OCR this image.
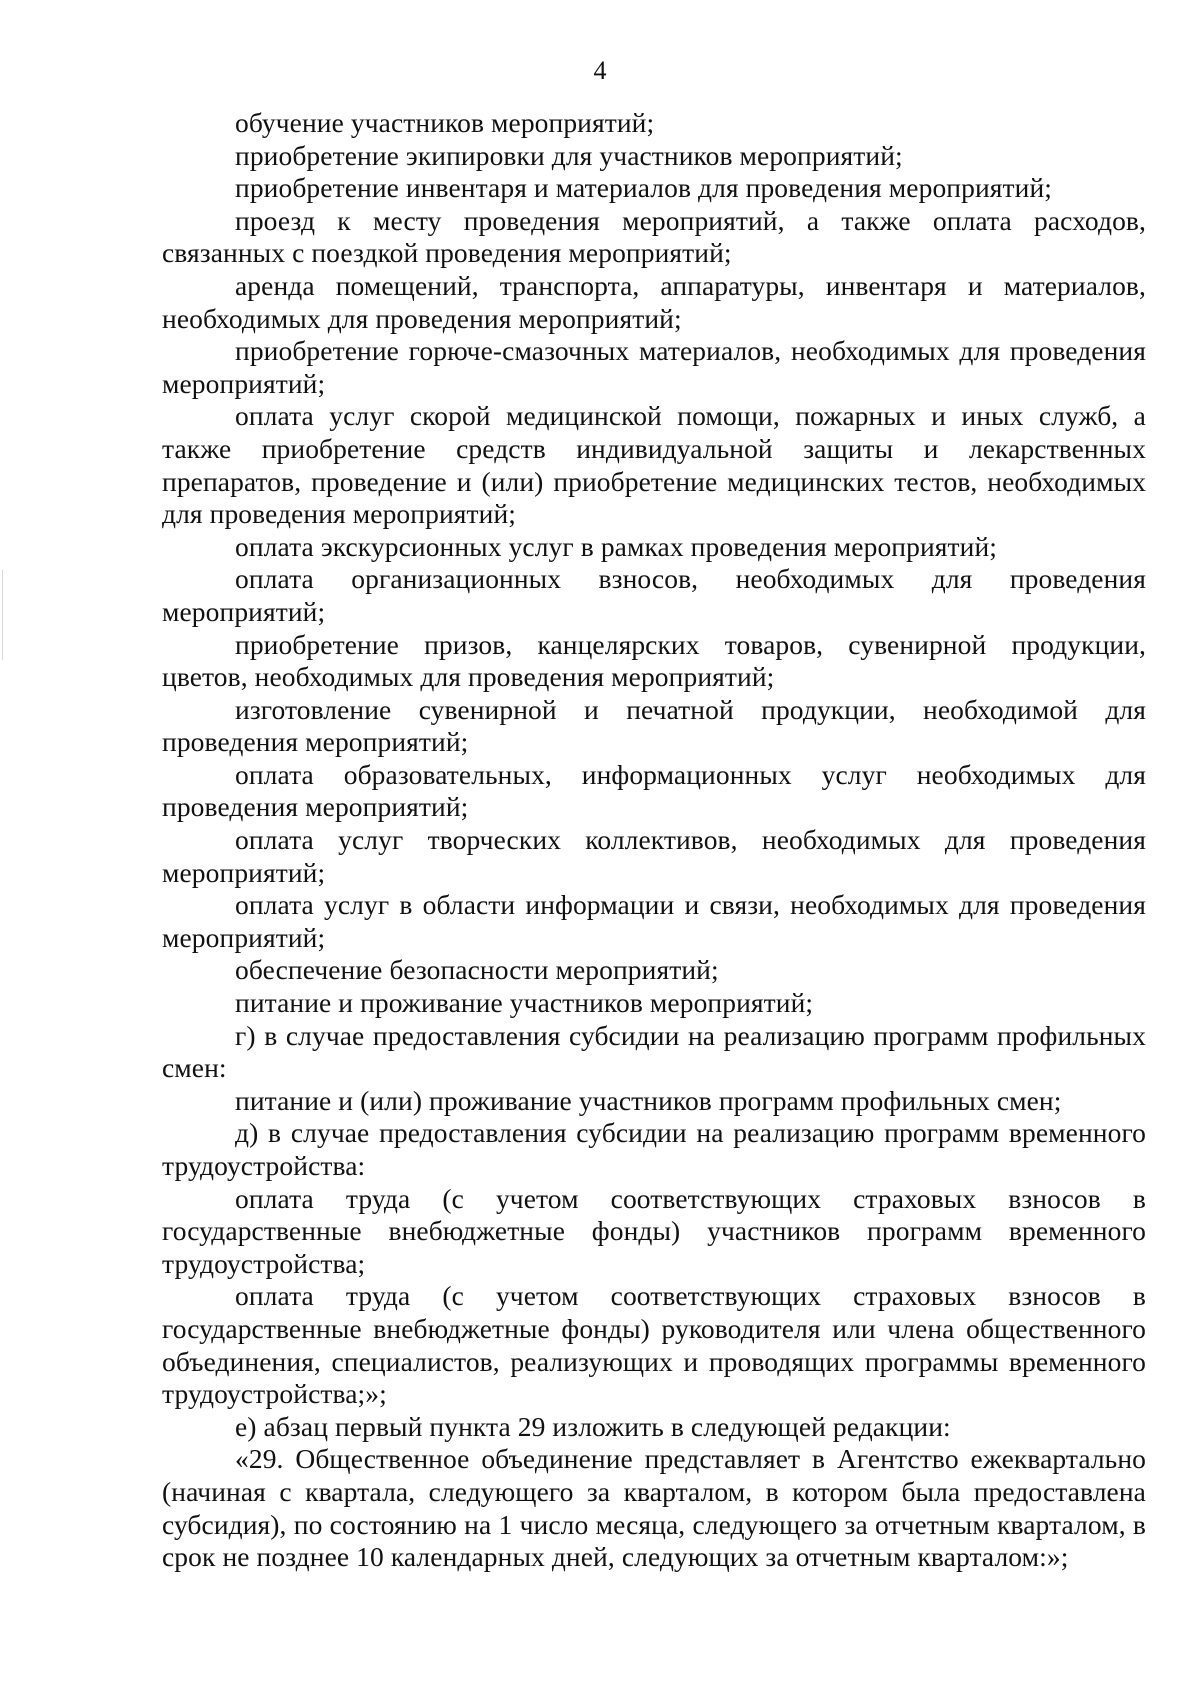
4

обучение участников мероприятий;

приобретение экипировки для участников мероприятий;

приобретение инвентаря и материалов для проведения мероприятий;

проезд к месту проведения мероприятий, а также оплата расходов, связанных с поездкой проведения мероприятий;

аренда помещений, транспорта, аппаратуры, инвентаря и материалов, необходимых для проведения мероприятий;

приобретение горюче-смазочных материалов, необходимых для проведения мероприятий;

оплата услуг скорой медицинской помощи, пожарных и иных служб, а также приобретение средств индивидуальной защиты и лекарственных препаратов, проведение и (или) приобретение медицинских тестов, необходимых для проведения мероприятий;

оплата экскурсионных услуг в рамках проведения мероприятий;

оплата организационных взносов, необходимых для проведения мероприятий;

приобретение призов, канцелярских товаров, сувенирной продукции, цветов, необходимых для проведения мероприятий;

изготовление сувенирной и печатной продукции, необходимой для проведения мероприятий;

оплата образовательных, информационных услуг необходимых для проведения мероприятий;

оплата услуг творческих коллективов, необходимых для проведения мероприятий;

оплата услуг в области информации и связи, необходимых для проведения мероприятий;

обеспечение безопасности мероприятий;

питание и проживание участников мероприятий;

г) в случае предоставления субсидии на реализацию программ профильных смен:

питание и (или) проживание участников программ профильных смен;

д) в случае предоставления субсидии на реализацию программ временного трудоустройства:

оплата труда (с учетом соответствующих страховых взносов в государственные внебюджетные фонды) участников программ временного трудоустройства;

оплата труда (с учетом соответствующих страховых взносов в государственные внебюджетные фонды) руководителя или члена общественного объединения, специалистов, реализующих и проводящих программы временного трудоустройства;»;

е) абзац первый пункта 29 изложить в следующей редакции:

«29. Общественное объединение представляет в Агентство ежеквартально (начиная с квартала, следующего за кварталом, в котором была предоставлена субсидия), по состоянию на 1 число месяца, следующего за отчетным кварталом, в срок не позднее 10 календарных дней, следующих за отчетным кварталом:»;
